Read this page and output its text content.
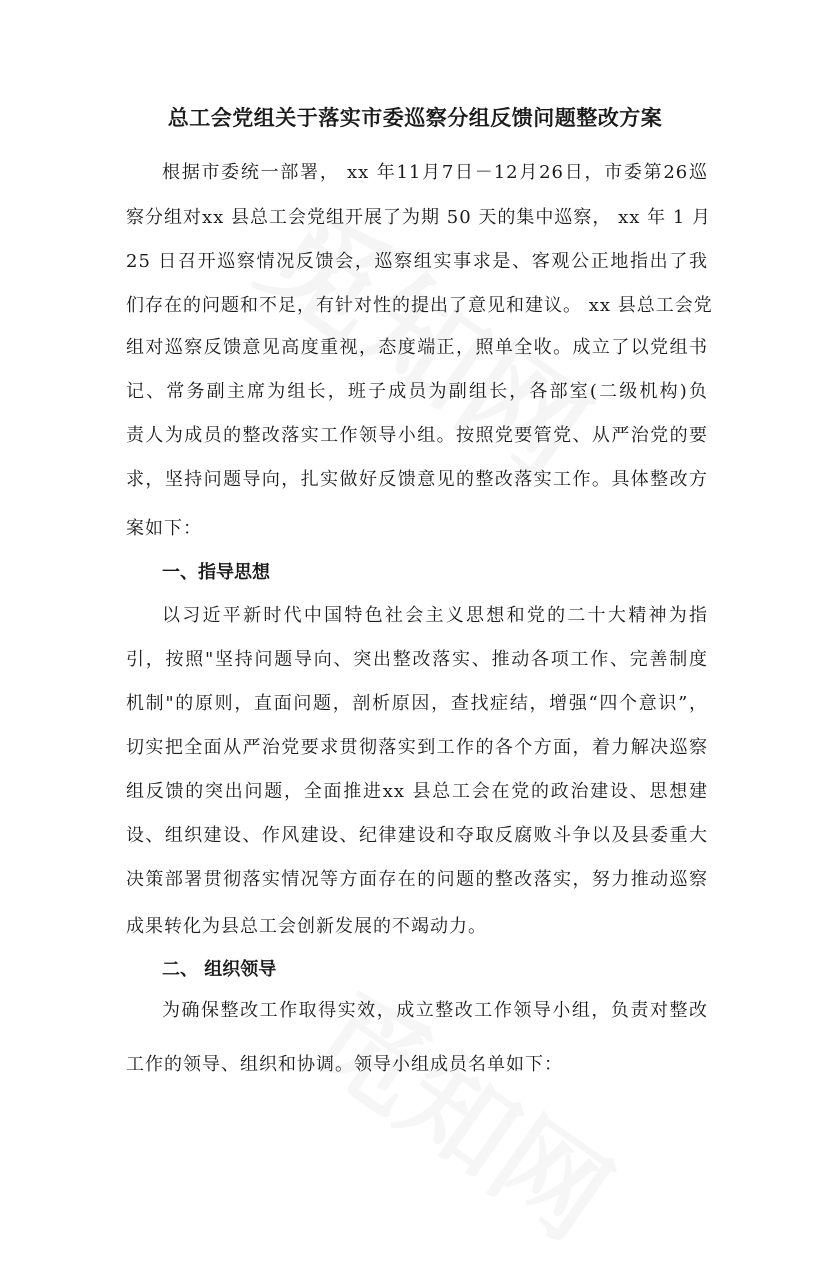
总工会党组关于落实市委巡察分组反馈问题整改方案
根据市委统一部署， xx 年11月7日－12月26日，市委第26巡
察分组对xx 县总工会党组开展了为期 50 天的集中巡察， xx 年 1 月
25 日召开巡察情况反馈会，巡察组实事求是、客观公正地指出了我
们存在的问题和不足，有针对性的提出了意见和建议。 xx 县总工会党
组对巡察反馈意见高度重视，态度端正，照单全收。成立了以党组书
记、常务副主席为组长，班子成员为副组长，各部室(二级机构)负
责人为成员的整改落实工作领导小组。按照党要管党、从严治党的要
求，坚持问题导向，扎实做好反馈意见的整改落实工作。具体整改方
案如下：
一、指导思想
以习近平新时代中国特色社会主义思想和党的二十大精神为指
引，按照"坚持问题导向、突出整改落实、推动各项工作、完善制度
机制"的原则，直面问题，剖析原因，查找症结，增强“四个意识”，
切实把全面从严治党要求贯彻落实到工作的各个方面，着力解决巡察
组反馈的突出问题，全面推进xx 县总工会在党的政治建设、思想建
设、组织建设、作风建设、纪律建设和夺取反腐败斗争以及县委重大
决策部署贯彻落实情况等方面存在的问题的整改落实，努力推动巡察
成果转化为县总工会创新发展的不竭动力。
二、 组织领导
为确保整改工作取得实效，成立整改工作领导小组，负责对整改
工作的领导、组织和协调。领导小组成员名单如下：
